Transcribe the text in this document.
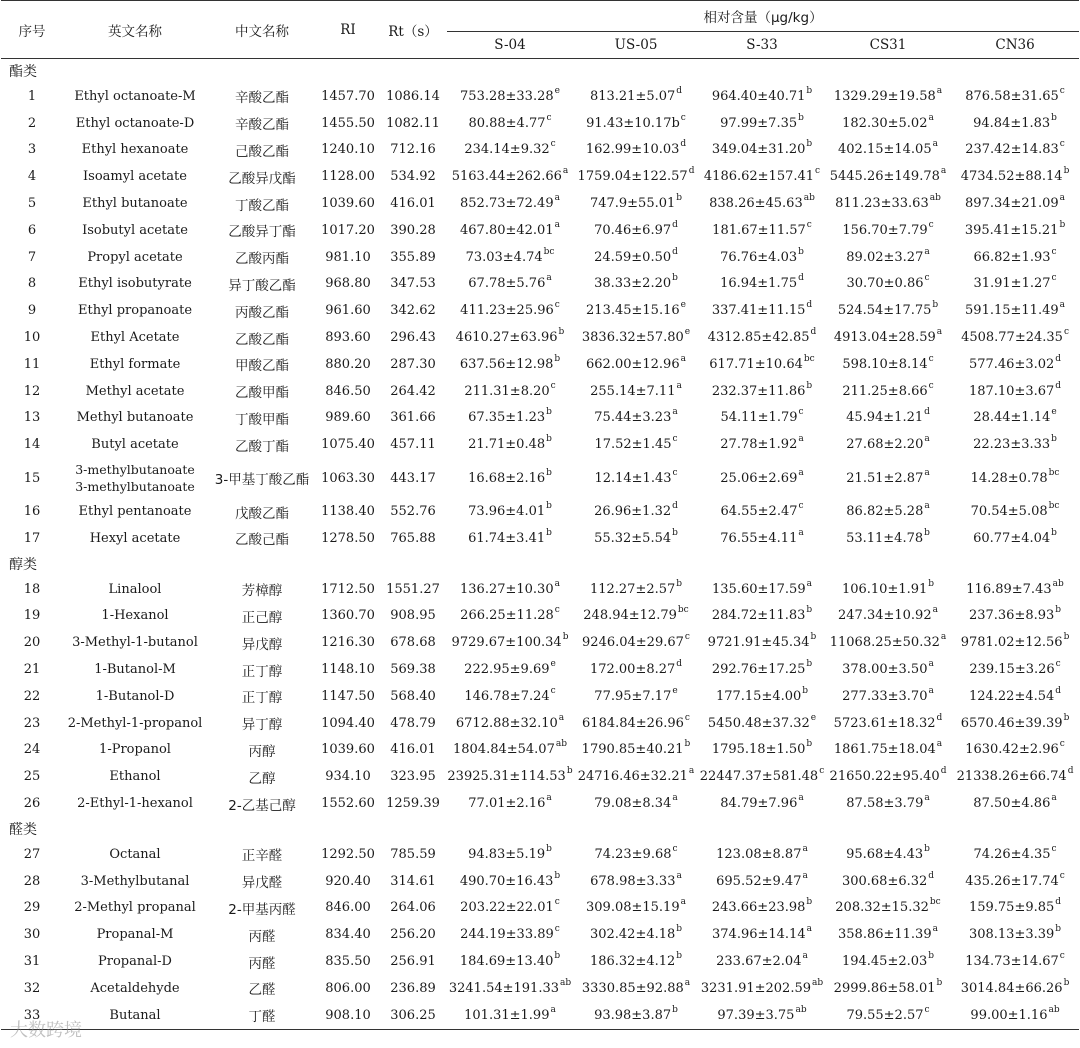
序号	英文名称	中文名称	RI	Rt（s）	相对含量（μg/kg）				
					S-04	US-05	S-33	CS31	CN36
酯类									
1	Ethyl octanoate-M	辛酸乙酯	1457.70	1086.14	753.28±33.28$^e$	813.21±5.07$^d$	964.40±40.71$^b$	1329.29±19.58$^a$	876.58±31.65$^c$
2	Ethyl octanoate-D	辛酸乙酯	1455.50	1082.11	80.88±4.77$^c$	$91.43\pm 10.17b^c$	97.99±7.35$^b$	182.30±5.02$^a$	94.84±1.83$^b$
3	Ethyl hexanoate	己酸乙酯	1240.10	712.16	234.14±9.32$^c$	162.99±10.03$^d$	349.04±31.20$^b$	402.15±14.05$^a$	237.42±14.83$^c$
4	Isoamyl acetate	乙酸异戊酯	1128.00	534.92	5163.44±262.66$^a$	1759.04±122.57$^d$	4186.62±157.41$^c$	5445.26±149.78$^a$	4734.52±88.14$^b$
5	Ethyl butanoate	丁酸乙酯	1039.60	416.01	852.73±72.49$^a$	747.9±55.01$^b$	838.26±45.63$^{ab}$	811.23±33.63$^{ab}$	897.34±21.09$^a$
6	Isobutyl acetate	乙酸异丁酯	1017.20	390.28	467.80±42.01$^a$	70.46±6.97$^d$	181.67±11.57$^c$	156.70±7.79$^c$	395.41±15.21$^b$
7	Propyl acetate	乙酸丙酯	981.10	355.89	73.03±4.74$^{bc}$	24.59±0.50$^d$	76.76±4.03$^b$	89.02±3.27$^a$	66.82±1.93$^c$
8	Ethyl isobutyrate	异丁酸乙酯	968.80	347.53	67.78±5.76$^a$	38.33±2.20$^b$	16.94±1.75$^d$	30.70±0.86$^c$	31.91±1.27$^c$
9	Ethyl propanoate	丙酸乙酯	961.60	342.62	411.23±25.96$^c$	213.45±15.16$^e$	337.41±11.15$^d$	524.54±17.75$^b$	591.15±11.49$^a$
10	Ethyl Acetate	乙酸乙酯	893.60	296.43	4610.27±63.96$^b$	3836.32±57.80$^e$	4312.85±42.85$^d$	4913.04±28.59$^a$	4508.77±24.35$^c$
11	Ethyl formate	甲酸乙酯	880.20	287.30	637.56±12.98$^b$	662.00±12.96$^a$	617.71±10.64$^{bc}$	598.10±8.14$^c$	577.46±3.02$^d$
12	Methyl acetate	乙酸甲酯	846.50	264.42	211.31±8.20$^c$	255.14±7.11$^a$	232.37±11.86$^b$	211.25±8.66$^c$	187.10±3.67$^d$
13	Methyl butanoate	丁酸甲酯	989.60	361.66	67.35±1.23$^b$	75.44±3.23$^a$	54.11±1.79$^c$	45.94±1.21$^d$	28.44±1.14$^e$
14	Butyl acetate	乙酸丁酯	1075.40	457.11	21.71±0.48$^b$	17.52±1.45$^c$	27.78±1.92$^a$	27.68±2.20$^a$	22.23±3.33$^b$
15	3-methylbutanoate
3-methylbutanoate	3-甲基丁酸乙酯	1063.30	443.17	16.68±2.16$^b$	12.14±1.43$^c$	25.06±2.69$^a$	21.51±2.87$^a$	14.28±0.78$^{bc}$
16	Ethyl pentanoate	戊酸乙酯	1138.40	552.76	73.96±4.01$^b$	26.96±1.32$^d$	64.55±2.47$^c$	86.82±5.28$^a$	70.54±5.08$^{bc}$
17	Hexyl acetate	乙酸己酯	1278.50	765.88	61.74±3.41$^b$	55.32±5.54$^b$	76.55±4.11$^a$	53.11±4.78$^b$	60.77±4.04$^b$
醇类									
18	Linalool	芳樟醇	1712.50	1551.27	136.27±10.30$^a$	112.27±2.57$^b$	135.60±17.59$^a$	106.10±1.91$^b$	116.89±7.43$^{ab}$
19	1-Hexanol	正己醇	1360.70	908.95	266.25±11.28$^c$	248.94±12.79$^{bc}$	284.72±11.83$^b$	247.34±10.92$^a$	237.36±8.93$^b$
20	3-Methyl-1-butanol	异戊醇	1216.30	678.68	9729.67±100.34$^b$	9246.04±29.67$^c$	9721.91±45.34$^b$	11068.25±50.32$^a$	9781.02±12.56$^b$
21	1-Butanol-M	正丁醇	1148.10	569.38	222.95±9.69$^e$	172.00±8.27$^d$	292.76±17.25$^b$	378.00±3.50$^a$	239.15±3.26$^c$
22	1-Butanol-D	正丁醇	1147.50	568.40	146.78±7.24$^c$	77.95±7.17$^e$	177.15±4.00$^b$	277.33±3.70$^a$	124.22±4.54$^d$
23	2-Methyl-1-propanol	异丁醇	1094.40	478.79	6712.88±32.10$^a$	6184.84±26.96$^c$	5450.48±37.32$^e$	5723.61±18.32$^d$	6570.46±39.39$^b$
24	1-Propanol	丙醇	1039.60	416.01	1804.84±54.07$^{ab}$	1790.85±40.21$^b$	1795.18±1.50$^b$	1861.75±18.04$^a$	1630.42±2.96$^c$
25	Ethanol	乙醇	934.10	323.95	23925.31±114.53$^b$	24716.46±32.21$^a$	22447.37±581.48$^c$	21650.22±95.40$^d$	21338.26±66.74$^d$
26	2-Ethyl-1-hexanol	2-乙基己醇	1552.60	1259.39	77.01±2.16$^a$	79.08±8.34$^a$	84.79±7.96$^a$	87.58±3.79$^a$	87.50±4.86$^a$
醛类									
27	Octanal	正辛醛	1292.50	785.59	94.83±5.19$^b$	74.23±9.68$^c$	123.08±8.87$^a$	95.68±4.43$^b$	74.26±4.35$^c$
28	3-Methylbutanal	异戊醛	920.40	314.61	490.70±16.43$^b$	678.98±3.33$^a$	695.52±9.47$^a$	300.68±6.32$^d$	435.26±17.74$^c$
29	2-Methyl propanal	2-甲基丙醛	846.00	264.06	203.22±22.01$^c$	309.08±15.19$^a$	243.66±23.98$^b$	208.32±15.32$^{bc}$	159.75±9.85$^d$
30	Propanal-M	丙醛	834.40	256.20	244.19±33.89$^c$	302.42±4.18$^b$	374.96±14.14$^a$	358.86±11.39$^a$	308.13±3.39$^b$
31	Propanal-D	丙醛	835.50	256.91	184.69±13.40$^b$	186.32±4.12$^b$	233.67±2.04$^a$	194.45±2.03$^b$	134.73±14.67$^c$
32	Acetaldehyde	乙醛	806.00	236.89	3241.54±191.33$^{ab}$	3330.85±92.88$^a$	3231.91±202.59$^{ab}$	2999.86±58.01$^b$	3014.84±66.26$^b$
33	Butanal	丁醛	908.10	306.25	101.31±1.99$^a$	93.98±3.87$^b$	97.39±3.75$^{ab}$	79.55±2.57$^c$	99.00±1.16$^{ab}$
大数跨境
